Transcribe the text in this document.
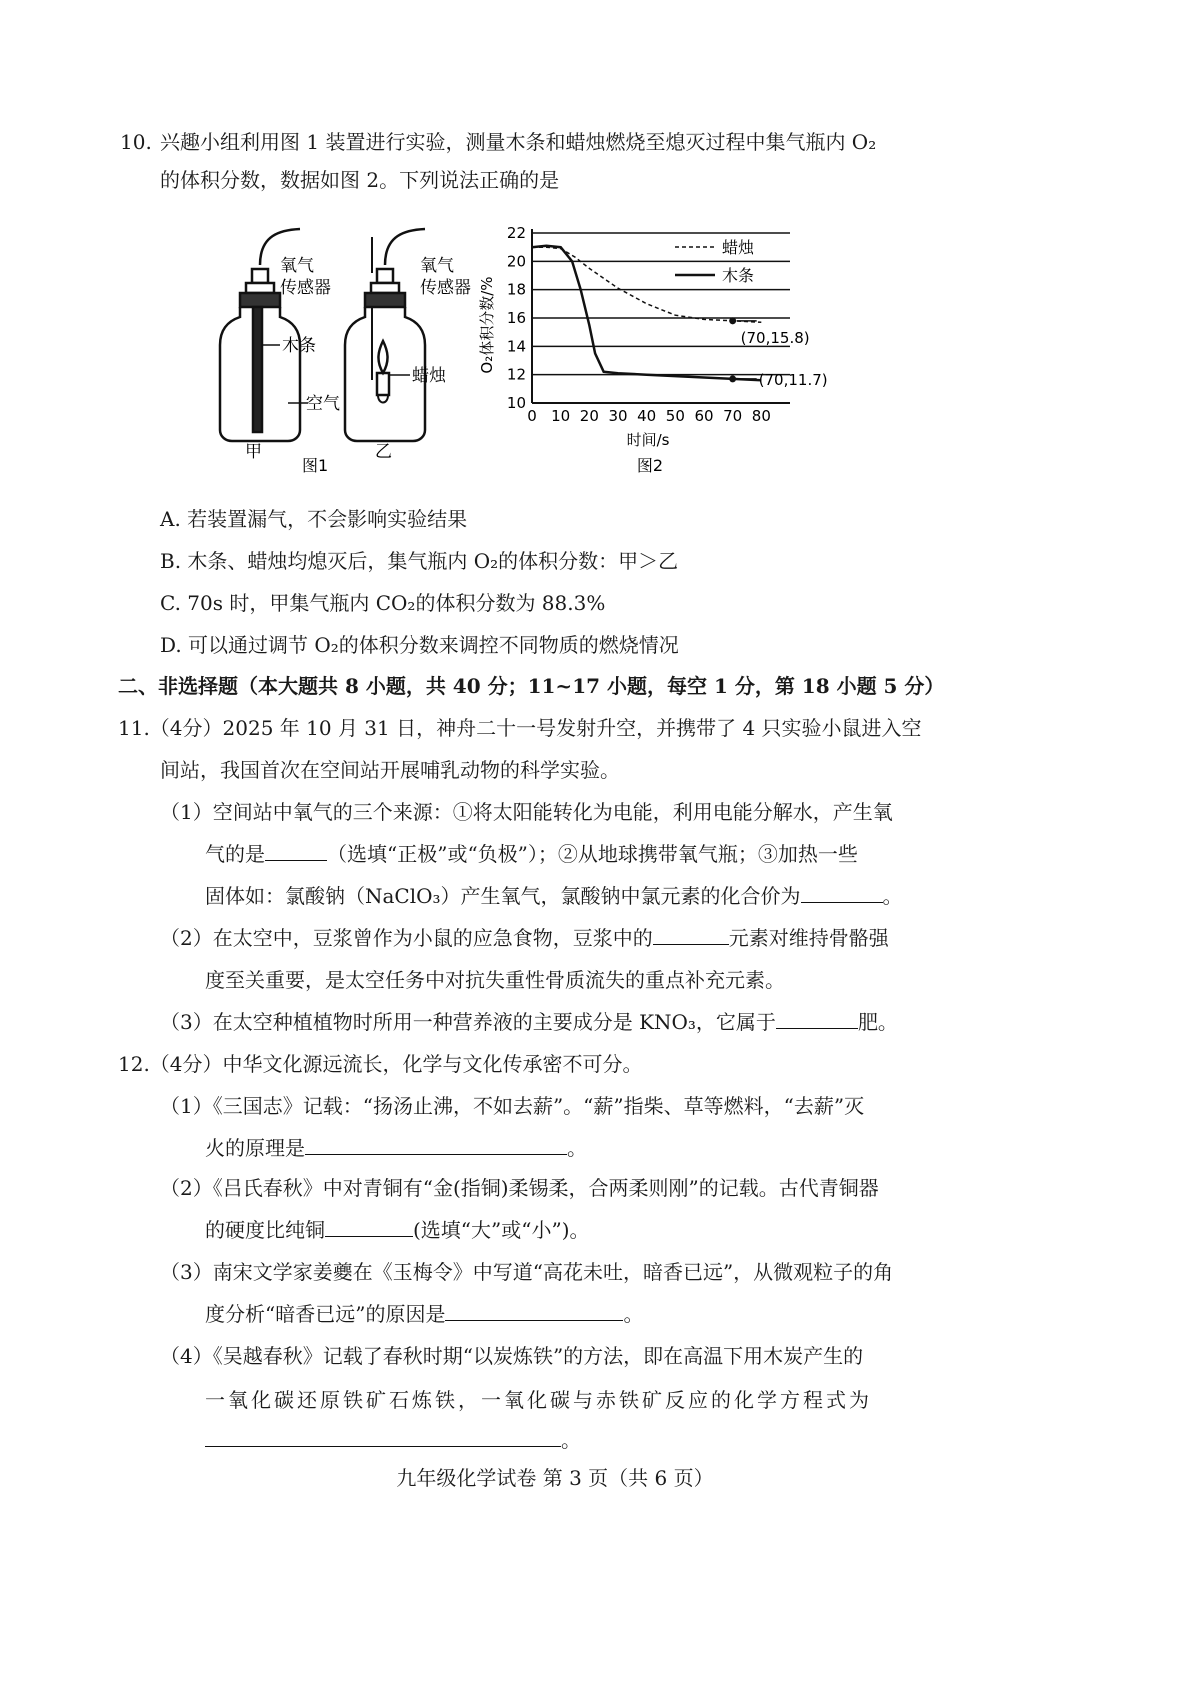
10. 兴趣小组利用图 1 装置进行实验，测量木条和蜡烛燃烧至熄灭过程中集气瓶内 O₂
的体积分数，数据如图 2。下列说法正确的是
氧气
传感器
氧气
传感器
木条
空气
蜡烛
甲	乙
图1
10
12
14
16
18
20
22
0 10 20 30 40 50 60 70 80
(70,15.8)
(70,11.7)
蜡烛
木条
O₂体积分数/%
时间/s
图2
A. 若装置漏气，不会影响实验结果
B. 木条、蜡烛均熄灭后，集气瓶内 O₂的体积分数：甲＞乙
C. 70s 时，甲集气瓶内 CO₂的体积分数为 88.3%
D. 可以通过调节 O₂的体积分数来调控不同物质的燃烧情况
二、非选择题（本大题共 8 小题，共 40 分；11~17 小题，每空 1 分，第 18 小题 5 分）
11.（4分）2025 年 10 月 31 日，神舟二十一号发射升空，并携带了 4 只实验小鼠进入空
间站，我国首次在空间站开展哺乳动物的科学实验。
（1）空间站中氧气的三个来源：①将太阳能转化为电能，利用电能分解水，产生氧
气的是	（选填“正极”或“负极”）；②从地球携带氧气瓶；③加热一些
固体如：氯酸钠（NaClO₃）产生氧气，氯酸钠中氯元素的化合价为	。
（2）在太空中，豆浆曾作为小鼠的应急食物，豆浆中的	元素对维持骨骼强
度至关重要，是太空任务中对抗失重性骨质流失的重点补充元素。
（3）在太空种植植物时所用一种营养液的主要成分是 KNO₃，它属于	肥。
12.（4分）中华文化源远流长，化学与文化传承密不可分。
（1）《三国志》记载：“扬汤止沸，不如去薪”。“薪”指柴、草等燃料，“去薪”灭
火的原理是	。
（2）《吕氏春秋》中对青铜有“金(指铜)柔锡柔，合两柔则刚”的记载。古代青铜器
的硬度比纯铜	(选填“大”或“小”)。
（3）南宋文学家姜夔在《玉梅令》中写道“高花未吐，暗香已远”，从微观粒子的角
度分析“暗香已远”的原因是	。
（4）《吴越春秋》记载了春秋时期“以炭炼铁”的方法，即在高温下用木炭产生的
一氧化碳还原铁矿石炼铁，一氧化碳与赤铁矿反应的化学方程式为
。
九年级化学试卷 第 3 页（共 6 页）
